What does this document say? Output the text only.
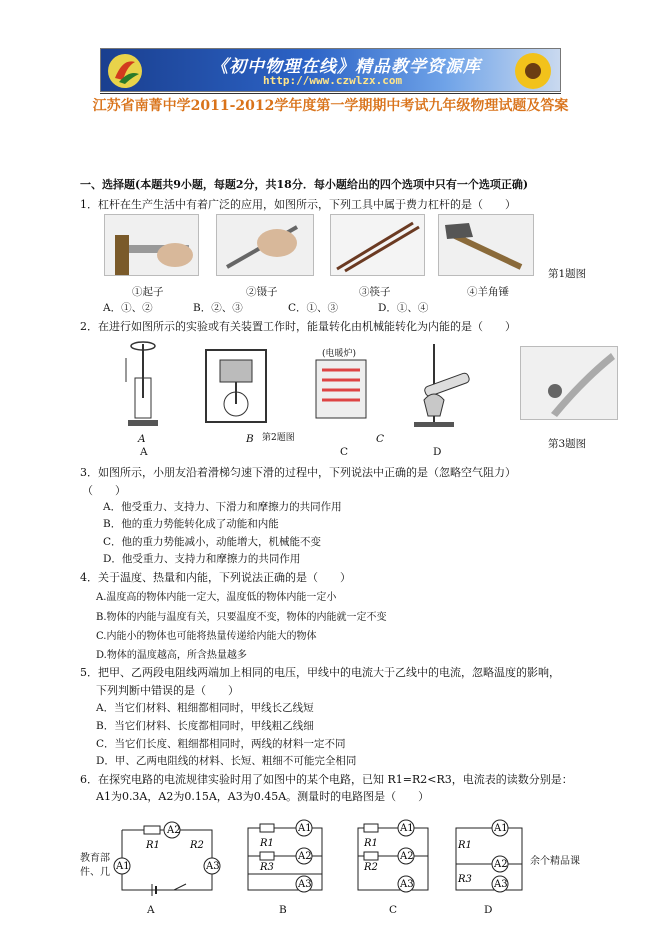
《初中物理在线》精品教学资源库
http://www.czwlzx.com
江苏省南菁中学2011-2012学年度第一学期期中考试九年级物理试题及答案
一、选择题(本题共9小题，每题2分，共18分．每小题给出的四个选项中只有一个选项正确)
1．杠杆在生产生活中有着广泛的应用，如图所示，下列工具中属于费力杠杆的是（　　）
①起子	②镊子	③筷子	④羊角锤
第1题图
A．①、②	B．②、③	C．①、③	D．①、④
2．在进行如图所示的实验或有关装置工作时，能量转化由机械能转化为内能的是（　　）
(电暖炉)
A	B 第2题图
C
C
D
A
第3题图
3．如图所示，小朋友沿着滑梯匀速下滑的过程中，下列说法中正确的是（忽略空气阻力）
（　　）
A．他受重力、支持力、下滑力和摩擦力的共同作用
B．他的重力势能转化成了动能和内能
C．他的重力势能减小，动能增大，机械能不变
D．他受重力、支持力和摩擦力的共同作用
4．关于温度、热量和内能，下列说法正确的是（　　）
A.温度高的物体内能一定大，温度低的物体内能一定小
B.物体的内能与温度有关，只要温度不变，物体的内能就一定不变
C.内能小的物体也可能将热量传递给内能大的物体
D.物体的温度越高，所含热量越多
5．把甲、乙两段电阻线两端加上相同的电压，甲线中的电流大于乙线中的电流，忽略温度的影响，
下列判断中错误的是（　　）
A．当它们材料、粗细都相同时，甲线长乙线短
B．当它们材料、长度都相同时，甲线粗乙线细
C．当它们长度、粗细都相同时，两线的材料一定不同
D．甲、乙两电阻线的材料、长短、粗细不可能完全相同
6．在探究电路的电流规律实验时用了如图中的某个电路，已知 R1=R2<R3，电流表的读数分别是：
A1为0.3A，A2为0.15A，A3为0.45A。测量时的电路图是（　　）
教育部件、几
余个精品课
A2
A1	A3
R1	R2
A1
A2
A3
R1
R3
A1
A2
A3
R1
R2
A1
A2
A3
R1
R3
A	B	C	D
